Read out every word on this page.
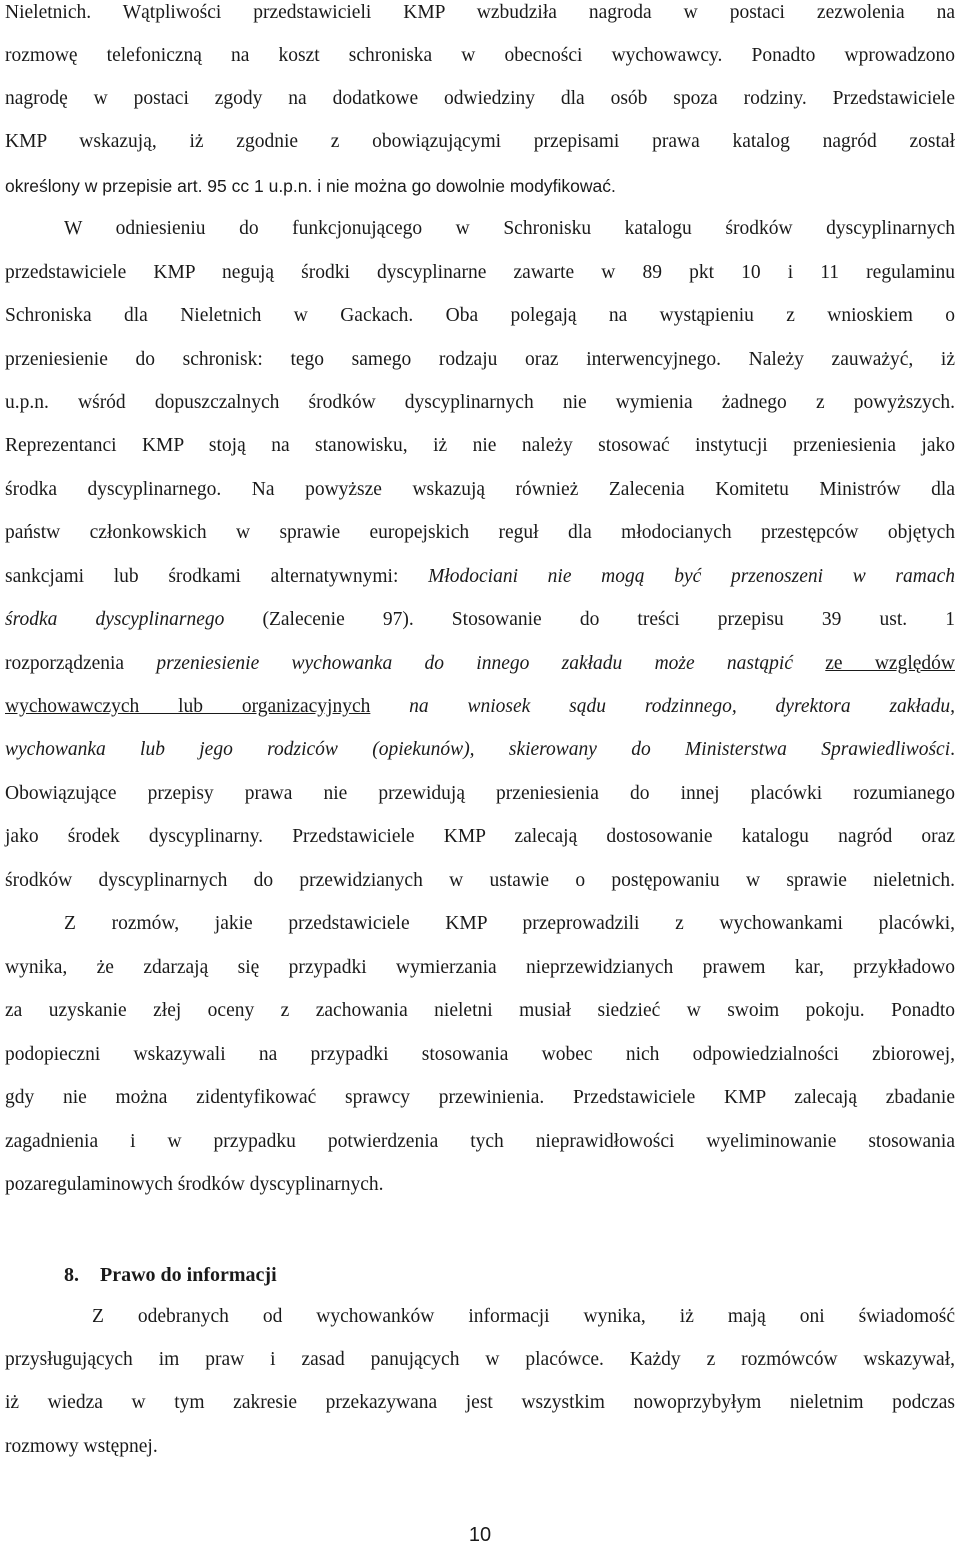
Nieletnich. Wątpliwości przedstawicieli KMP wzbudziła nagroda w postaci zezwolenia na
rozmowę telefoniczną na koszt schroniska w obecności wychowawcy. Ponadto wprowadzono
nagrodę w postaci zgody na dodatkowe odwiedziny dla osób spoza rodziny. Przedstawiciele
KMP wskazują, iż zgodnie z obowiązującymi przepisami prawa katalog nagród został
określony w przepisie art. 95 cc 1 u.p.n. i nie można go dowolnie modyfikować.
W odniesieniu do funkcjonującego w Schronisku katalogu środków dyscyplinarnych
przedstawiciele KMP negują środki dyscyplinarne zawarte w 89 pkt 10 i 11 regulaminu
Schroniska dla Nieletnich w Gackach. Oba polegają na wystąpieniu z wnioskiem o
przeniesienie do schronisk: tego samego rodzaju oraz interwencyjnego. Należy zauważyć, iż
u.p.n. wśród dopuszczalnych środków dyscyplinarnych nie wymienia żadnego z powyższych.
Reprezentanci KMP stoją na stanowisku, iż nie należy stosować instytucji przeniesienia jako
środka dyscyplinarnego. Na powyższe wskazują również Zalecenia Komitetu Ministrów dla
państw członkowskich w sprawie europejskich reguł dla młodocianych przestępców objętych
sankcjami lub środkami alternatywnymi: Młodociani nie mogą być przenoszeni w ramach
środka dyscyplinarnego (Zalecenie 97). Stosowanie do treści przepisu 39 ust. 1
rozporządzenia przeniesienie wychowanka do innego zakładu może nastąpić ze względów
wychowawczych lub organizacyjnych na wniosek sądu rodzinnego, dyrektora zakładu,
wychowanka lub jego rodziców (opiekunów), skierowany do Ministerstwa Sprawiedliwości.
Obowiązujące przepisy prawa nie przewidują przeniesienia do innej placówki rozumianego
jako środek dyscyplinarny. Przedstawiciele KMP zalecają dostosowanie katalogu nagród oraz
środków dyscyplinarnych do przewidzianych w ustawie o postępowaniu w sprawie nieletnich.
Z rozmów, jakie przedstawiciele KMP przeprowadzili z wychowankami placówki,
wynika, że zdarzają się przypadki wymierzania nieprzewidzianych prawem kar, przykładowo
za uzyskanie złej oceny z zachowania nieletni musiał siedzieć w swoim pokoju. Ponadto
podopieczni wskazywali na przypadki stosowania wobec nich odpowiedzialności zbiorowej,
gdy nie można zidentyfikować sprawcy przewinienia. Przedstawiciele KMP zalecają zbadanie
zagadnienia i w przypadku potwierdzenia tych nieprawidłowości wyeliminowanie stosowania
pozaregulaminowych środków dyscyplinarnych.
8. Prawo do informacji
Z odebranych od wychowanków informacji wynika, iż mają oni świadomość
przysługujących im praw i zasad panujących w placówce. Każdy z rozmówców wskazywał,
iż wiedza w tym zakresie przekazywana jest wszystkim nowoprzybyłym nieletnim podczas
rozmowy wstępnej.
10
